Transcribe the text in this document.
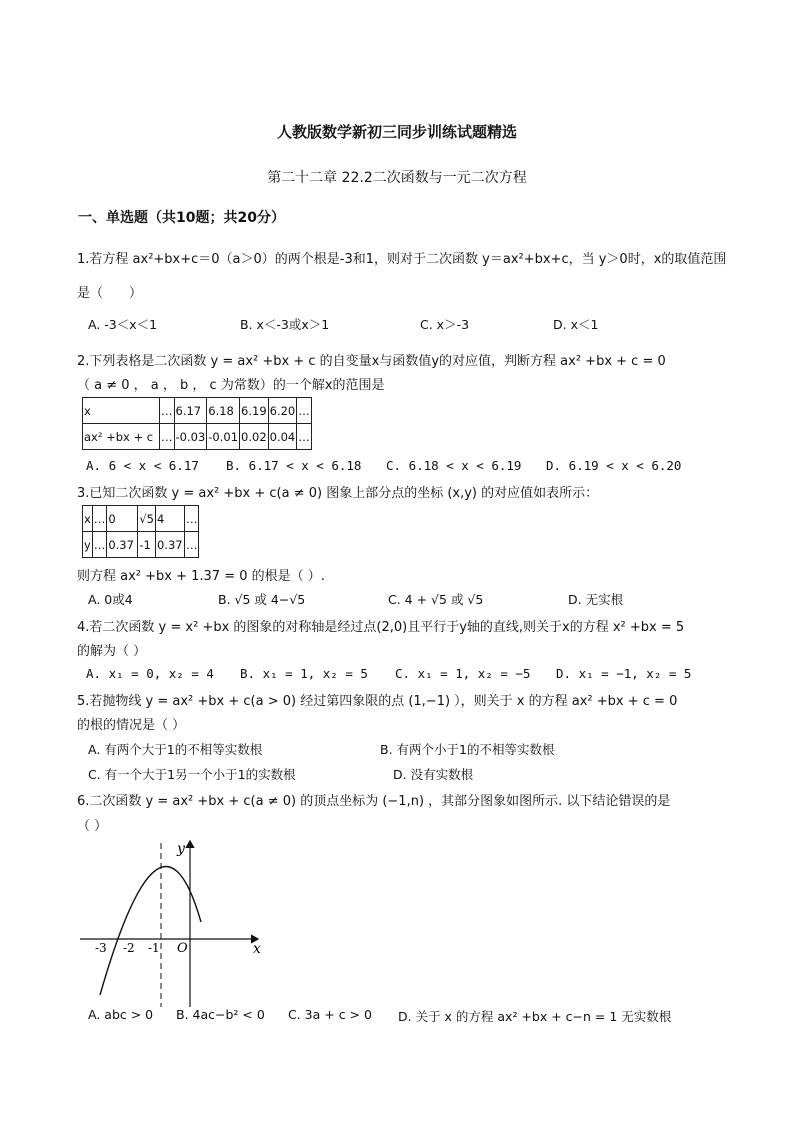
人教版数学新初三同步训练试题精选
第二十二章 22.2二次函数与一元二次方程
一、单选题（共10题；共20分）
1.若方程 ax²+bx+c＝0（a＞0）的两个根是-3和1，则对于二次函数 y＝ax²+bx+c，当 y＞0时，x的取值范围
是（　　）
A. -3＜x＜1	B. x＜-3或x＞1	C. x＞-3	D. x＜1
2.下列表格是二次函数 y = ax² +bx + c 的自变量x与函数值y的对应值，判断方程 ax² +bx + c = 0
（ a ≠ 0 ， a ， b ， c 为常数）的一个解x的范围是
x	…	6.17	6.18	6.19	6.20	…
ax² +bx + c	…	-0.03	-0.01	0.02	0.04	…
A. 6 < x < 6.17 B. 6.17 < x < 6.18 C. 6.18 < x < 6.19 D. 6.19 < x < 6.20
3.已知二次函数 y = ax² +bx + c(a ≠ 0) 图象上部分点的坐标 (x,y) 的对应值如表所示：
x	…	0	√5	4	…
y	…	0.37	-1	0.37	…
则方程 ax² +bx + 1.37 = 0 的根是（ ）.
A. 0或4	B. √5 或 4−√5	C. 4 + √5 或 √5	D. 无实根
4.若二次函数 y = x² +bx 的图象的对称轴是经过点(2,0)且平行于y轴的直线,则关于x的方程 x² +bx = 5
的解为（ ）
A. x₁ = 0, x₂ = 4 B. x₁ = 1, x₂ = 5 C. x₁ = 1, x₂ = −5 D. x₁ = −1, x₂ = 5
5.若抛物线 y = ax² +bx + c(a > 0) 经过第四象限的点 (1,−1) ），则关于 x 的方程 ax² +bx + c = 0
的根的情况是（ ）
A. 有两个大于1的不相等实数根	B. 有两个小于1的不相等实数根
C. 有一个大于1另一个小于1的实数根	D. 没有实数根
6.二次函数 y = ax² +bx + c(a ≠ 0) 的顶点坐标为 (−1,n) ，其部分图象如图所示. 以下结论错误的是
（ ）
y
x
O
-3 -2 -1
A. abc > 0 B. 4ac−b² < 0 C. 3a + c > 0 D. 关于 x 的方程 ax² +bx + c−n = 1 无实数根
